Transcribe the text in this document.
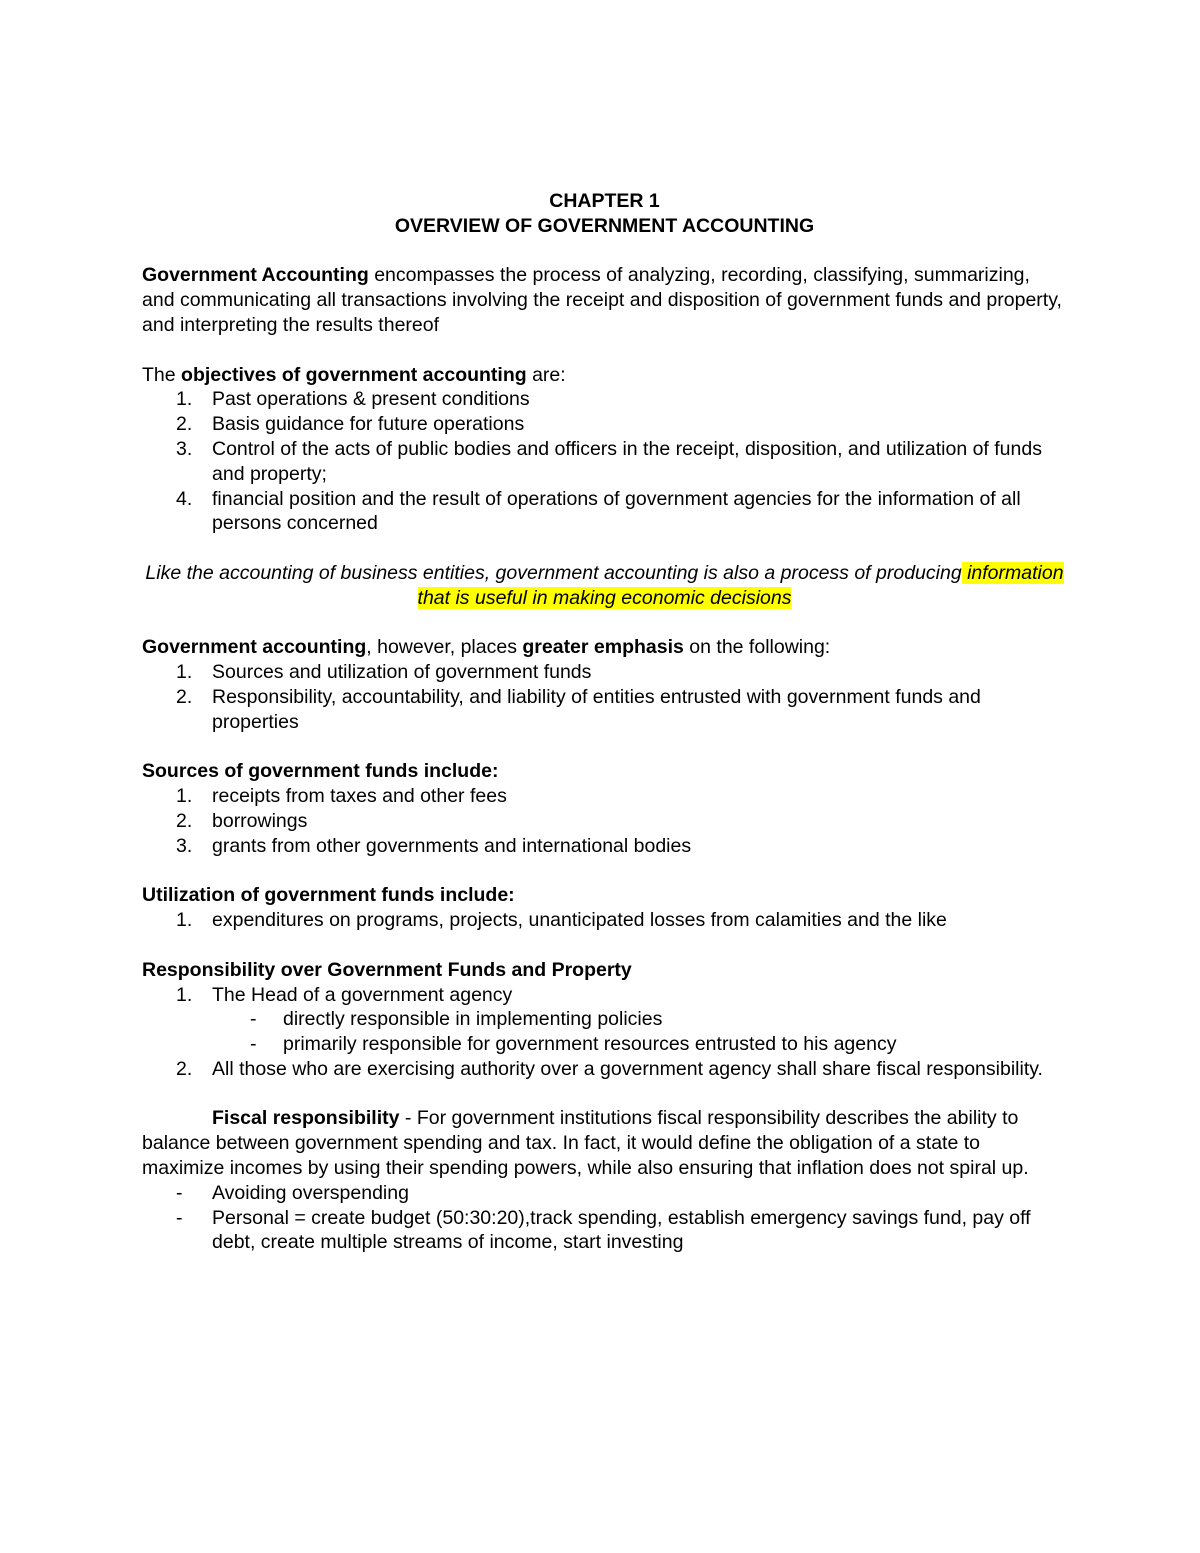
CHAPTER 1

OVERVIEW OF GOVERNMENT ACCOUNTING

Government Accounting encompasses the process of analyzing, recording, classifying, summarizing, and communicating all transactions involving the receipt and disposition of government funds and property, and interpreting the results thereof

The objectives of government accounting are:

1. Past operations & present conditions
2. Basis guidance for future operations
3. Control of the acts of public bodies and officers in the receipt, disposition, and utilization of funds and property;
4. financial position and the result of operations of government agencies for the information of all persons concerned

Like the accounting of business entities, government accounting is also a process of producing information that is useful in making economic decisions

Government accounting, however, places greater emphasis on the following:

1. Sources and utilization of government funds
2. Responsibility, accountability, and liability of entities entrusted with government funds and properties

Sources of government funds include:

1. receipts from taxes and other fees
2. borrowings
3. grants from other governments and international bodies

Utilization of government funds include:

1. expenditures on programs, projects, unanticipated losses from calamities and the like

Responsibility over Government Funds and Property

1. The Head of a government agency
- directly responsible in implementing policies
- primarily responsible for government resources entrusted to his agency
2. All those who are exercising authority over a government agency shall share fiscal responsibility.

Fiscal responsibility - For government institutions fiscal responsibility describes the ability to balance between government spending and tax. In fact, it would define the obligation of a state to maximize incomes by using their spending powers, while also ensuring that inflation does not spiral up.

- Avoiding overspending
- Personal = create budget (50:30:20),track spending, establish emergency savings fund, pay off debt, create multiple streams of income, start investing
